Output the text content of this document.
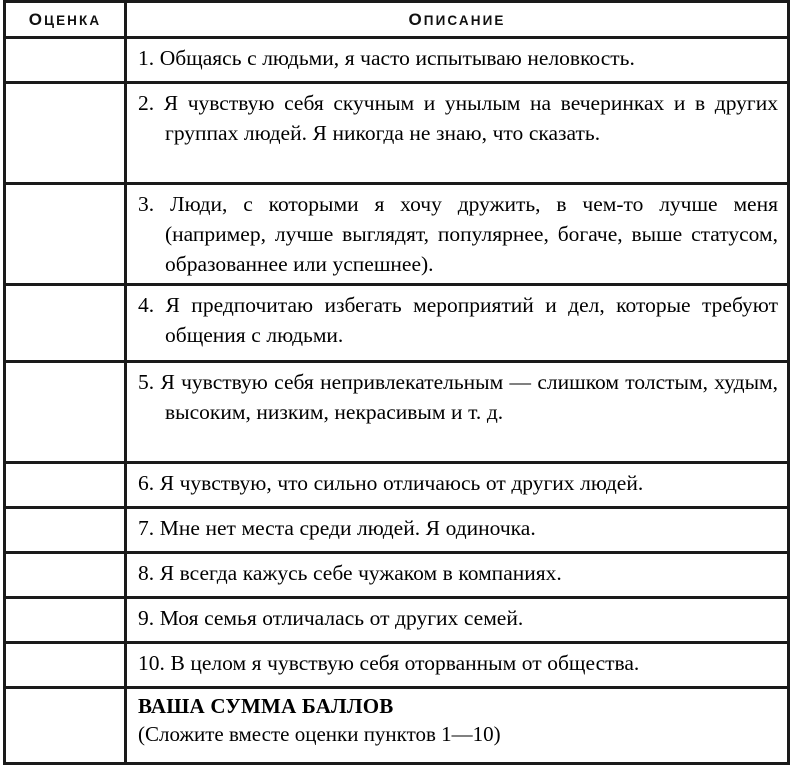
ОЦЕНКА	ОПИСАНИЕ

	1. Общаясь с людьми, я часто испытываю неловкость.

	2. Я чувствую себя скучным и унылым на вечеринках и в других группах людей. Я никогда не знаю, что сказать.

	3. Люди, с которыми я хочу дружить, в чем-то лучше меня (например, лучше выглядят, популярнее, богаче, выше статусом, образованнее или успешнее).

	4. Я предпочитаю избегать мероприятий и дел, которые требуют общения с людьми.

	5. Я чувствую себя непривлекательным — слишком толстым, худым, высоким, низким, некрасивым и т. д.

	6. Я чувствую, что сильно отличаюсь от других людей.

	7. Мне нет места среди людей. Я одиночка.

	8. Я всегда кажусь себе чужаком в компаниях.

	9. Моя семья отличалась от других семей.

	10. В целом я чувствую себя оторванным от общества.

	ВАША СУММА БАЛЛОВ
(Сложите вместе оценки пунктов 1—10)
